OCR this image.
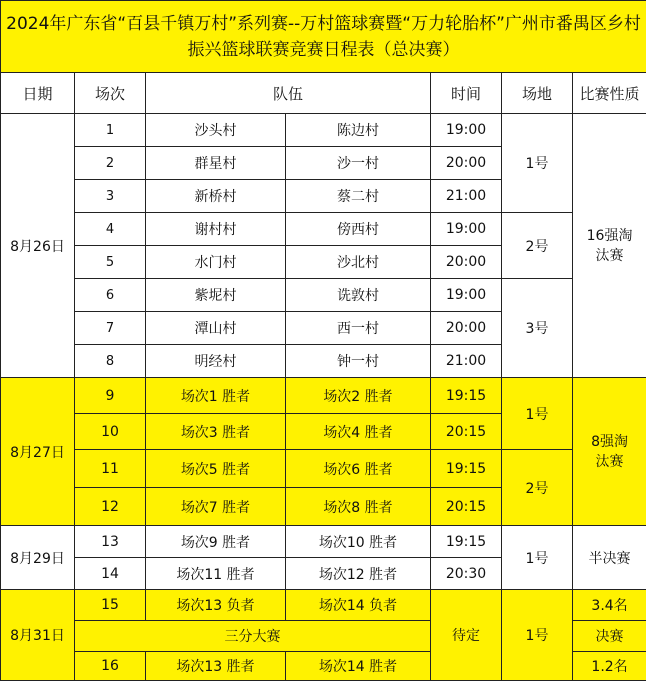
2024年广东省“百县千镇万村”系列赛--万村篮球赛暨“万力轮胎杯”广州市番禺区乡村振兴篮球联赛竞赛日程表（总决赛）						
日期	场次	队伍		时间	场地	比赛性质
8月26日	1	沙头村	陈边村	19:00	1号	16强淘汰赛
	2	群星村	沙一村	20:00		
	3	新桥村	蔡二村	21:00		
	4	谢村村	傍西村	19:00	2号	
	5	水门村	沙北村	20:00		
	6	紫坭村	诜敦村	19:00	3号	
	7	潭山村	西一村	20:00		
	8	明经村	钟一村	21:00		
8月27日	9	场次1 胜者	场次2 胜者	19:15	1号	8强淘汰赛
	10	场次3 胜者	场次4 胜者	20:15		
	11	场次5 胜者	场次6 胜者	19:15	2号	
	12	场次7 胜者	场次8 胜者	20:15		
8月29日	13	场次9 胜者	场次10 胜者	19:15	1号	半决赛
	14	场次11 胜者	场次12 胜者	20:30		
8月31日	15	场次13 负者	场次14 负者	待定	1号	3.4名
	三分大赛					决赛
	16	场次13 胜者	场次14 胜者			1.2名
